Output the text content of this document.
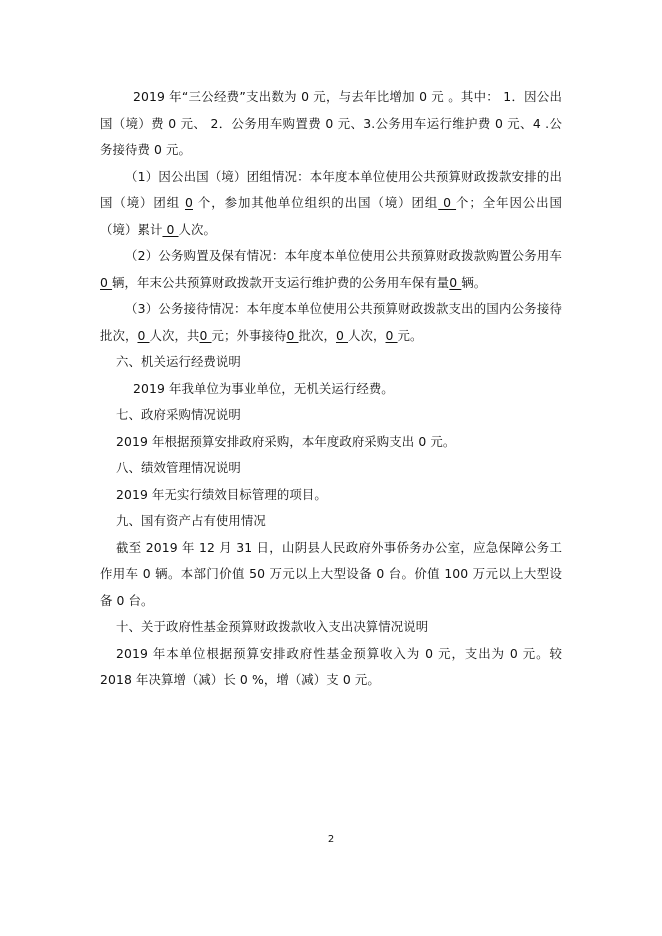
2019 年“三公经费”支出数为 0 元，与去年比增加 0 元 。其中： 1．因公出国（境）费 0 元、 2．公务用车购置费 0 元、3.公务用车运行维护费 0 元、4 .公务接待费 0 元。

（1）因公出国（境）团组情况：本年度本单位使用公共预算财政拨款安排的出国（境）团组 0 个，参加其他单位组织的出国（境）团组 0 个；全年因公出国（境）累计 0 人次。

（2）公务购置及保有情况：本年度本单位使用公共预算财政拨款购置公务用车0 辆，年末公共预算财政拨款开支运行维护费的公务用车保有量0 辆。

（3）公务接待情况：本年度本单位使用公共预算财政拨款支出的国内公务接待批次，0 人次，共0 元；外事接待0 批次，0 人次，0 元。

六、机关运行经费说明

2019 年我单位为事业单位，无机关运行经费。

七、政府采购情况说明

2019 年根据预算安排政府采购，本年度政府采购支出 0 元。

八、绩效管理情况说明

2019 年无实行绩效目标管理的项目。

九、国有资产占有使用情况

截至 2019 年 12 月 31 日，山阴县人民政府外事侨务办公室，应急保障公务工作用车 0 辆。本部门价值 50 万元以上大型设备 0 台。价值 100 万元以上大型设备 0 台。

十、关于政府性基金预算财政拨款收入支出决算情况说明

2019 年本单位根据预算安排政府性基金预算收入为 0 元，支出为 0 元。较 2018 年决算增（减）长 0 %，增（减）支 0 元。

2
